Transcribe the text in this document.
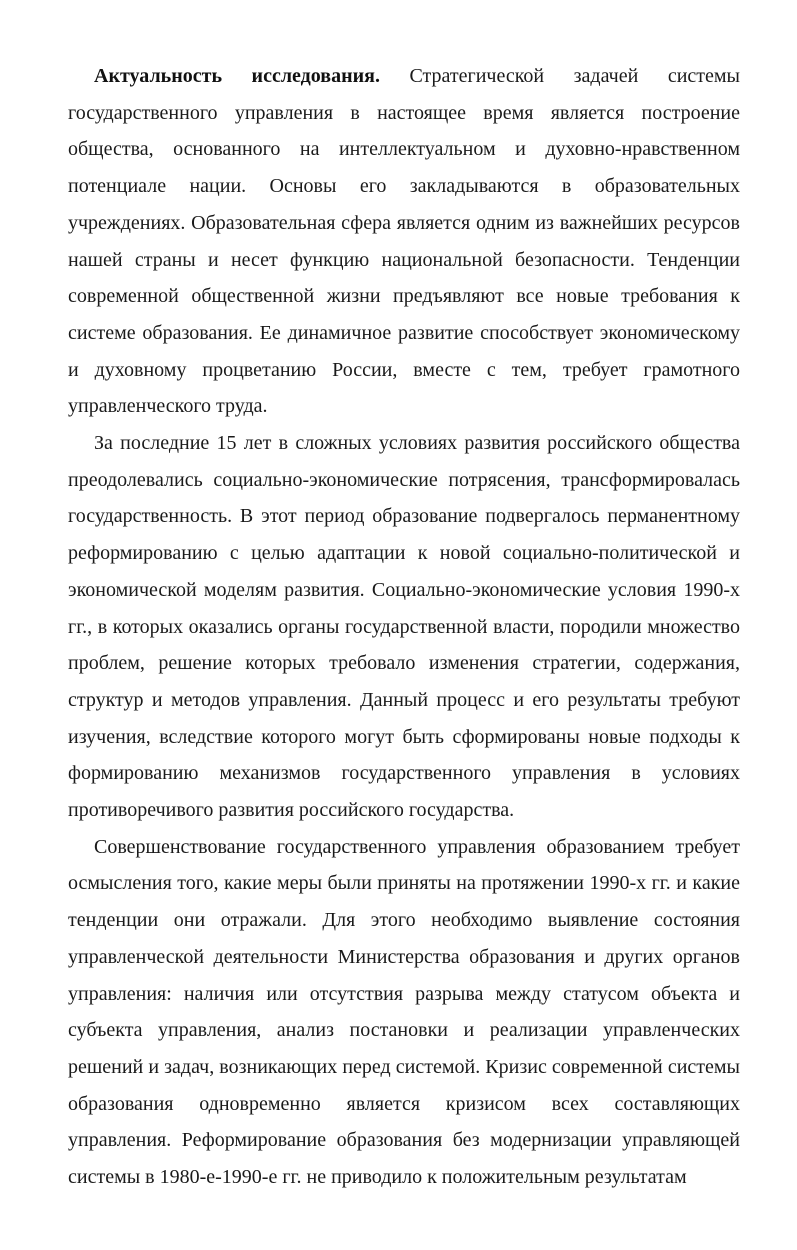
Актуальность исследования. Стратегической задачей системы государственного управления в настоящее время является построение общества, основанного на интеллектуальном и духовно-нравственном потенциале нации. Основы его закладываются в образовательных учреждениях. Образовательная сфера является одним из важнейших ресурсов нашей страны и несет функцию национальной безопасности. Тенденции современной общественной жизни предъявляют все новые требования к системе образования. Ее динамичное развитие способствует экономическому и духовному процветанию России, вместе с тем, требует грамотного управленческого труда.

За последние 15 лет в сложных условиях развития российского общества преодолевались социально-экономические потрясения, трансформировалась государственность. В этот период образование подвергалось перманентному реформированию с целью адаптации к новой социально-политической и экономической моделям развития. Социально-экономические условия 1990-х гг., в которых оказались органы государственной власти, породили множество проблем, решение которых требовало изменения стратегии, содержания, структур и методов управления. Данный процесс и его результаты требуют изучения, вследствие которого могут быть сформированы новые подходы к формированию механизмов государственного управления в условиях противоречивого развития российского государства.

Совершенствование государственного управления образованием требует осмысления того, какие меры были приняты на протяжении 1990-х гг. и какие тенденции они отражали. Для этого необходимо выявление состояния управленческой деятельности Министерства образования и других органов управления: наличия или отсутствия разрыва между статусом объекта и субъекта управления, анализ постановки и реализации управленческих решений и задач, возникающих перед системой. Кризис современной системы образования одновременно является кризисом всех составляющих управления. Реформирование образования без модернизации управляющей системы в 1980-е-1990-е гг. не приводило к положительным результатам
